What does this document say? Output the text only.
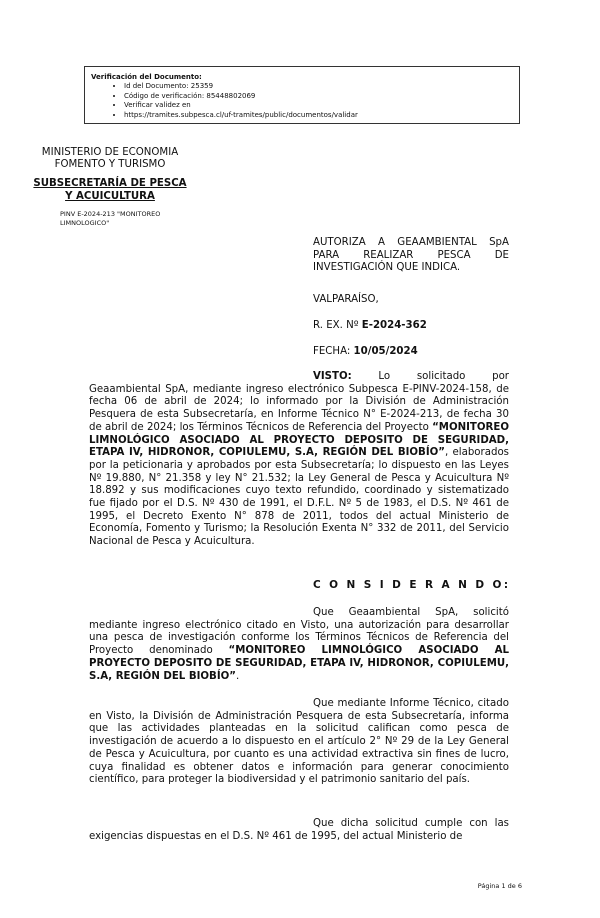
Verificación del Documento:
• Id del Documento: 25359
• Código de verificación: 85448802069
• Verificar validez en
• https://tramites.subpesca.cl/uf-tramites/public/documentos/validar
MINISTERIO DE ECONOMIA
FOMENTO Y TURISMO
SUBSECRETARÍA DE PESCA
Y ACUICULTURA
PINV E-2024-213 "MONITOREO LIMNOLOGICO"
AUTORIZA A GEAAMBIENTAL SpA PARA REALIZAR PESCA DE INVESTIGACIÓN QUE INDICA.
VALPARAÍSO,
R. EX. Nº E-2024-362
FECHA: 10/05/2024

VISTO:	Lo solicitado por Geaambiental SpA, mediante ingreso electrónico Subpesca E-PINV-2024-158, de fecha 06 de abril de 2024; lo informado por la División de Administración Pesquera de esta Subsecretaría, en Informe Técnico N° E-2024-213, de fecha 30 de abril de 2024; los Términos Técnicos de Referencia del Proyecto “MONITOREO LIMNOLÓGICO ASOCIADO AL PROYECTO DEPOSITO DE SEGURIDAD, ETAPA IV, HIDRONOR, COPIULEMU, S.A, REGIÓN DEL BIOBÍO”, elaborados por la peticionaria y aprobados por esta Subsecretaría; lo dispuesto en las Leyes Nº 19.880, N° 21.358 y ley N° 21.532; la Ley General de Pesca y Acuicultura Nº 18.892 y sus modificaciones cuyo texto refundido, coordinado y sistematizado fue fijado por el D.S. Nº 430 de 1991, el D.F.L. Nº 5 de 1983, el D.S. Nº 461 de 1995, el Decreto Exento N° 878 de 2011, todos del actual Ministerio de Economía, Fomento y Turismo; la Resolución Exenta N° 332 de 2011, del Servicio Nacional de Pesca y Acuicultura.

C O N S I D E R A N D O:

Que Geaambiental SpA, solicitó mediante ingreso electrónico citado en Visto, una autorización para desarrollar una pesca de investigación conforme los Términos Técnicos de Referencia del Proyecto denominado “MONITOREO LIMNOLÓGICO ASOCIADO AL PROYECTO DEPOSITO DE SEGURIDAD, ETAPA IV, HIDRONOR, COPIULEMU, S.A, REGIÓN DEL BIOBÍO”.

Que mediante Informe Técnico, citado en Visto, la División de Administración Pesquera de esta Subsecretaría, informa que las actividades planteadas en la solicitud califican como pesca de investigación de acuerdo a lo dispuesto en el artículo 2° Nº 29 de la Ley General de Pesca y Acuicultura, por cuanto es una actividad extractiva sin fines de lucro, cuya finalidad es obtener datos e información para generar conocimiento científico, para proteger la biodiversidad y el patrimonio sanitario del país.

Que dicha solicitud cumple con las exigencias dispuestas en el D.S. Nº 461 de 1995, del actual Ministerio de

Página 1 de 6
